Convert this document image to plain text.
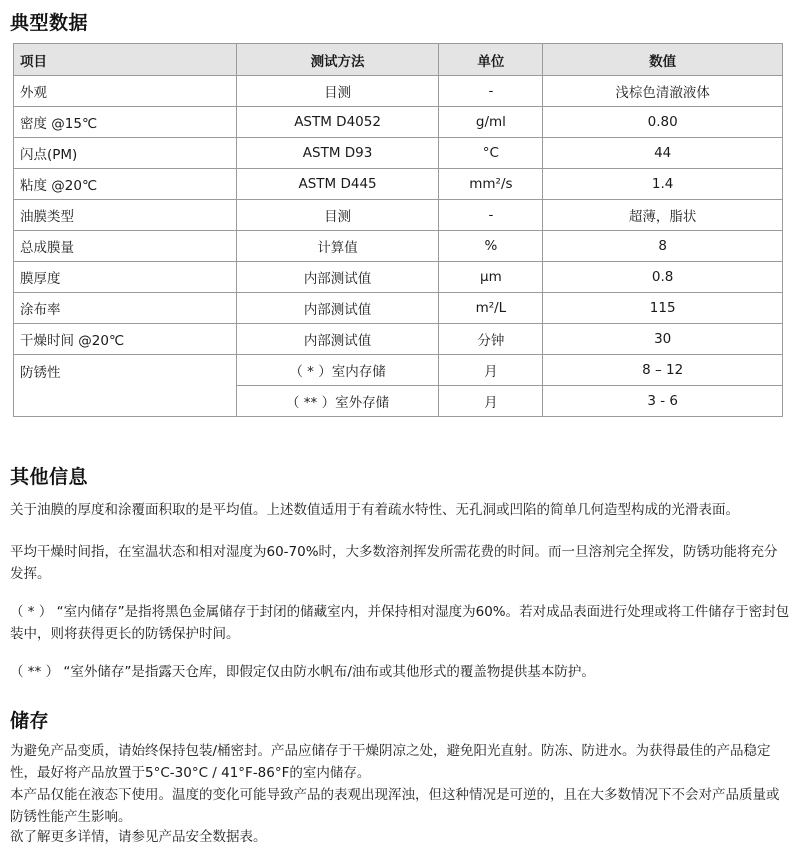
典型数据
项目	测试方法	单位	数值
外观	目测	-	浅棕色清澈液体
密度 @15℃	ASTM D4052	g/ml	0.80
闪点(PM)	ASTM D93	°C	44
粘度 @20℃	ASTM D445	mm²/s	1.4
油膜类型	目测	-	超薄，脂状
总成膜量	计算值	%	8
膜厚度	内部测试值	μm	0.8
涂布率	内部测试值	m²/L	115
干燥时间 @20℃	内部测试值	分钟	30
防锈性	（ * ）室内存储	月	8 – 12
	（ ** ）室外存储	月	3 - 6
其他信息

关于油膜的厚度和涂覆面积取的是平均值。上述数值适用于有着疏水特性、无孔洞或凹陷的简单几何造型构成的光滑表面。

平均干燥时间指，在室温状态和相对湿度为60-70%时，大多数溶剂挥发所需花费的时间。而一旦溶剂完全挥发，防锈功能将充分发挥。

（ * ） “室内储存”是指将黑色金属储存于封闭的储藏室内，并保持相对湿度为60%。若对成品表面进行处理或将工件储存于密封包装中，则将获得更长的防锈保护时间。

（ ** ） “室外储存”是指露天仓库，即假定仅由防水帆布/油布或其他形式的覆盖物提供基本防护。

储存

为避免产品变质，请始终保持包装/桶密封。产品应储存于干燥阴凉之处，避免阳光直射。防冻、防进水。为获得最佳的产品稳定性，最好将产品放置于5°C-30°C / 41°F-86°F的室内储存。

本产品仅能在液态下使用。温度的变化可能导致产品的表观出现浑浊，但这种情况是可逆的，且在大多数情况下不会对产品质量或防锈性能产生影响。

欲了解更多详情，请参见产品安全数据表。
